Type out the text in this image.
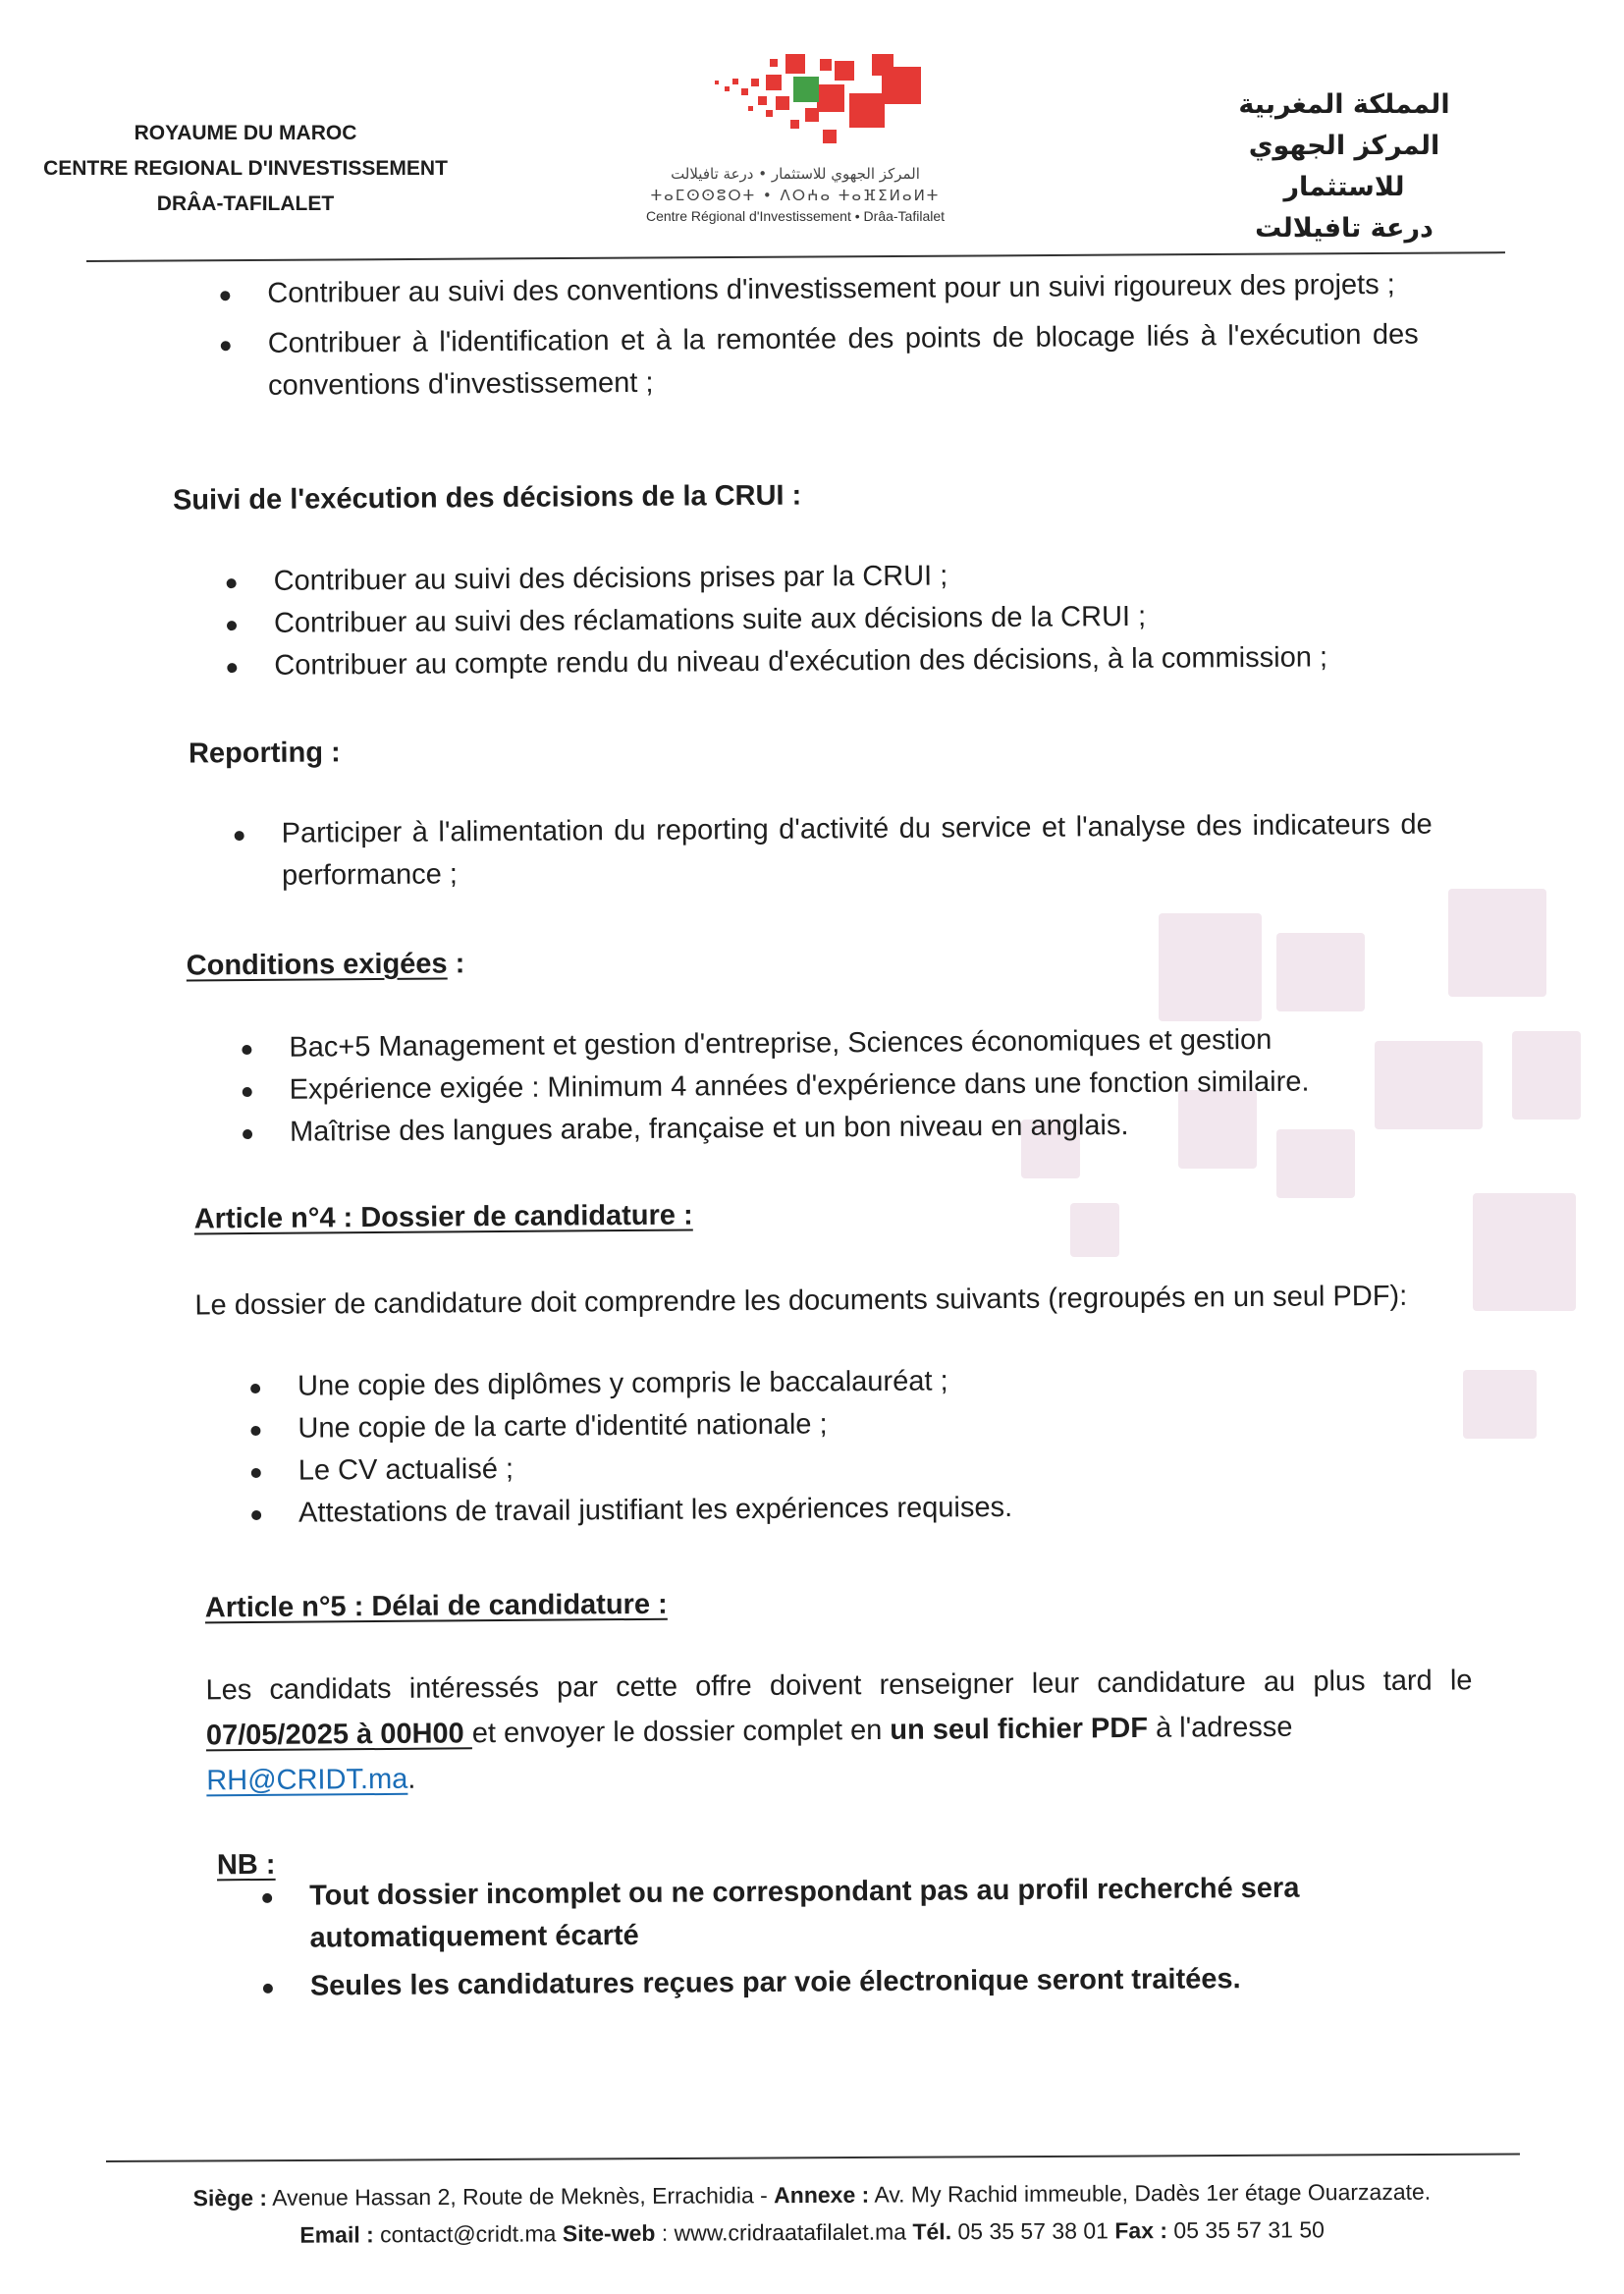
ROYAUME DU MAROC
CENTRE REGIONAL D'INVESTISSEMENT
DRÂA-TAFILALET
المركز الجهوي للاستثمار • درعة تافيلالت
ⵜⴰⵎⵙⵙⵓⵔⵜ • ⴷⵔⵄⴰ ⵜⴰⴼⵉⵍⴰⵍⵜ
Centre Régional d'Investissement • Drâa-Tafilalet
المملكة المغربية
المركز الجهوي للاستثمار
درعة تافيلالت
Contribuer au suivi des conventions d'investissement pour un suivi rigoureux des projets ;
Contribuer à l'identification et à la remontée des points de blocage liés à l'exécution des conventions d'investissement ;
Suivi de l'exécution des décisions de la CRUI :
Contribuer au suivi des décisions prises par la CRUI ;
Contribuer au suivi des réclamations suite aux décisions de la CRUI ;
Contribuer au compte rendu du niveau d'exécution des décisions, à la commission ;
Reporting :
Participer à l'alimentation du reporting d'activité du service et l'analyse des indicateurs de performance ;
Conditions exigées :
Bac+5 Management et gestion d'entreprise, Sciences économiques et gestion
Expérience exigée : Minimum 4 années d'expérience dans une fonction similaire.
Maîtrise des langues arabe, française et un bon niveau en anglais.
Article n°4 : Dossier de candidature :
Le dossier de candidature doit comprendre les documents suivants (regroupés en un seul PDF):
Une copie des diplômes y compris le baccalauréat ;
Une copie de la carte d'identité nationale ;
Le CV actualisé ;
Attestations de travail justifiant les expériences requises.
Article n°5 : Délai de candidature :
Les candidats intéressés par cette offre doivent renseigner leur candidature au plus tard le 07/05/2025 à 00H00 et envoyer le dossier complet en un seul fichier PDF à l'adresse
RH@CRIDT.ma.
NB :
Tout dossier incomplet ou ne correspondant pas au profil recherché sera automatiquement écarté
Seules les candidatures reçues par voie électronique seront traitées.
Siège : Avenue Hassan 2, Route de Meknès, Errachidia - Annexe : Av. My Rachid immeuble, Dadès 1er étage Ouarzazate.
Email : contact@cridt.ma Site-web : www.cridraatafilalet.ma Tél. 05 35 57 38 01 Fax : 05 35 57 31 50
